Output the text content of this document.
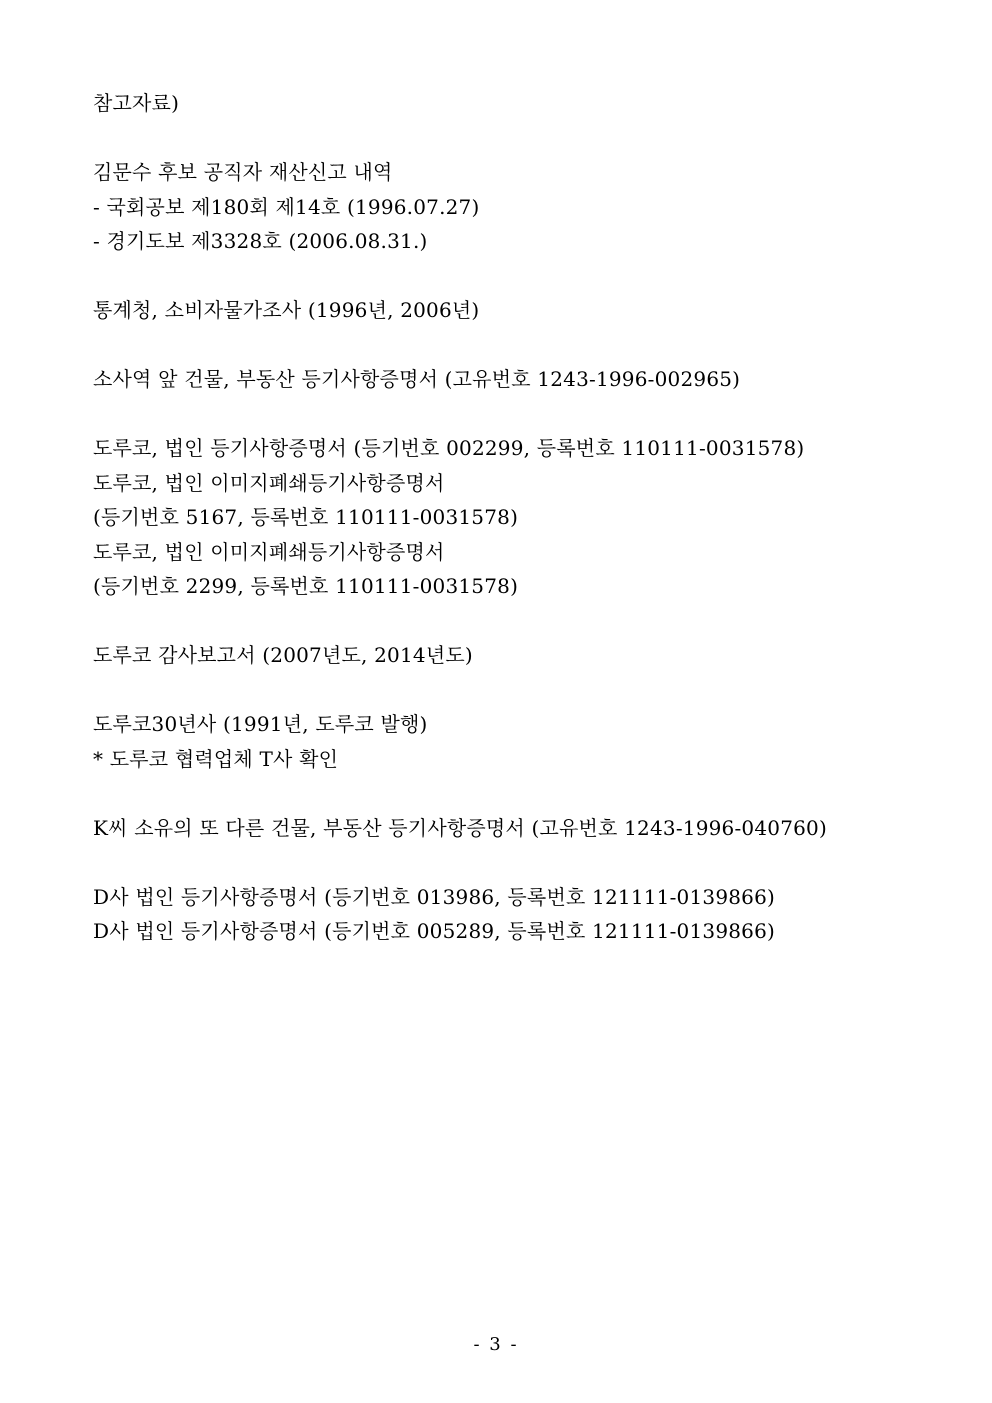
참고자료)
김문수 후보 공직자 재산신고 내역
- 국회공보 제180회 제14호 (1996.07.27)
- 경기도보 제3328호 (2006.08.31.)
통계청, 소비자물가조사 (1996년, 2006년)
소사역 앞 건물, 부동산 등기사항증명서 (고유번호 1243-1996-002965)
도루코, 법인 등기사항증명서 (등기번호 002299, 등록번호 110111-0031578)
도루코, 법인 이미지폐쇄등기사항증명서
(등기번호 5167, 등록번호 110111-0031578)
도루코, 법인 이미지폐쇄등기사항증명서
(등기번호 2299, 등록번호 110111-0031578)
도루코 감사보고서 (2007년도, 2014년도)
도루코30년사 (1991년, 도루코 발행)
* 도루코 협력업체 T사 확인
K씨 소유의 또 다른 건물, 부동산 등기사항증명서 (고유번호 1243-1996-040760)
D사 법인 등기사항증명서 (등기번호 013986, 등록번호 121111-0139866)
D사 법인 등기사항증명서 (등기번호 005289, 등록번호 121111-0139866)
- 3 -
